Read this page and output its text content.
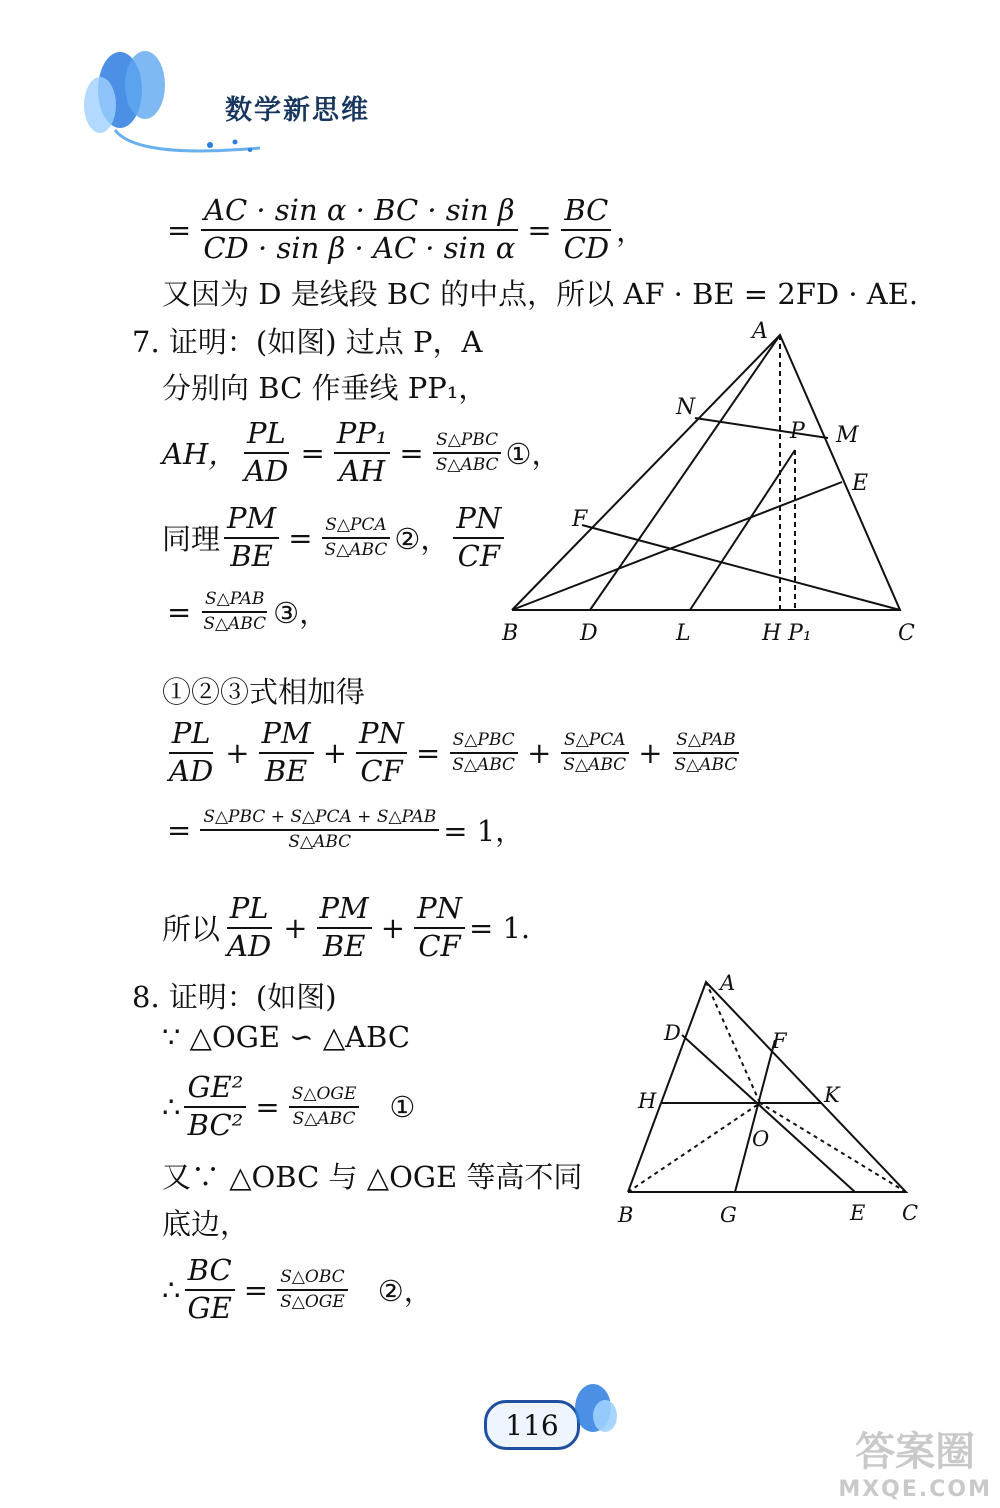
数学新思维
= $\frac{\text{AC · sin α · BC · sin β}}{\text{CD · sin β · AC · sin α}} = \frac{BC}{CD}$ ，
又因为 D 是线段 BC 的中点，所以 AF · BE = 2FD · AE.
7. 证明：(如图) 过点 P，A
分别向 BC 作垂线 PP₁，
AH， $\frac{PL}{AD} = \frac{\text{PP₁}}{AH} = \frac{\text{S△PBC}}{\text{S△ABC}}$ ①，
同理 $\frac{PM}{BE} = \frac{\text{S△PCA}}{\text{S△ABC}}$ ②， $\frac{PN}{CF}$
= $\frac{\text{S△PAB}}{\text{S△ABC}}$ ③，
①②③式相加得
$\frac{PL}{AD} + \frac{PM}{BE} + \frac{PN}{CF} = \frac{\text{S△PBC}}{\text{S△ABC}} + \frac{\text{S△PCA}}{\text{S△ABC}} + \frac{\text{S△PAB}}{\text{S△ABC}}$
= $\frac{\text{S△PBC + S△PCA + S△PAB}}{\text{S△ABC}} = 1$，
所以 $\frac{PL}{AD} + \frac{PM}{BE} + \frac{PN}{CF} = 1$.
A
N
P M
E
F
B	D	L	H P₁	C
8. 证明：(如图)
∵ △OGE ∽ △ABC
∴ $\frac{\text{GE²}}{\text{BC²}} = \frac{\text{S△OGE}}{\text{S△ABC}}$ ①
又∵ △OBC 与 △OGE 等高不同
底边，
∴ $\frac{BC}{GE} = \frac{\text{S△OBC}}{\text{S△OGE}}$ ②，
A
D	F
H	K
O
B	G	E C
116
答案圈
MXQE.COM
